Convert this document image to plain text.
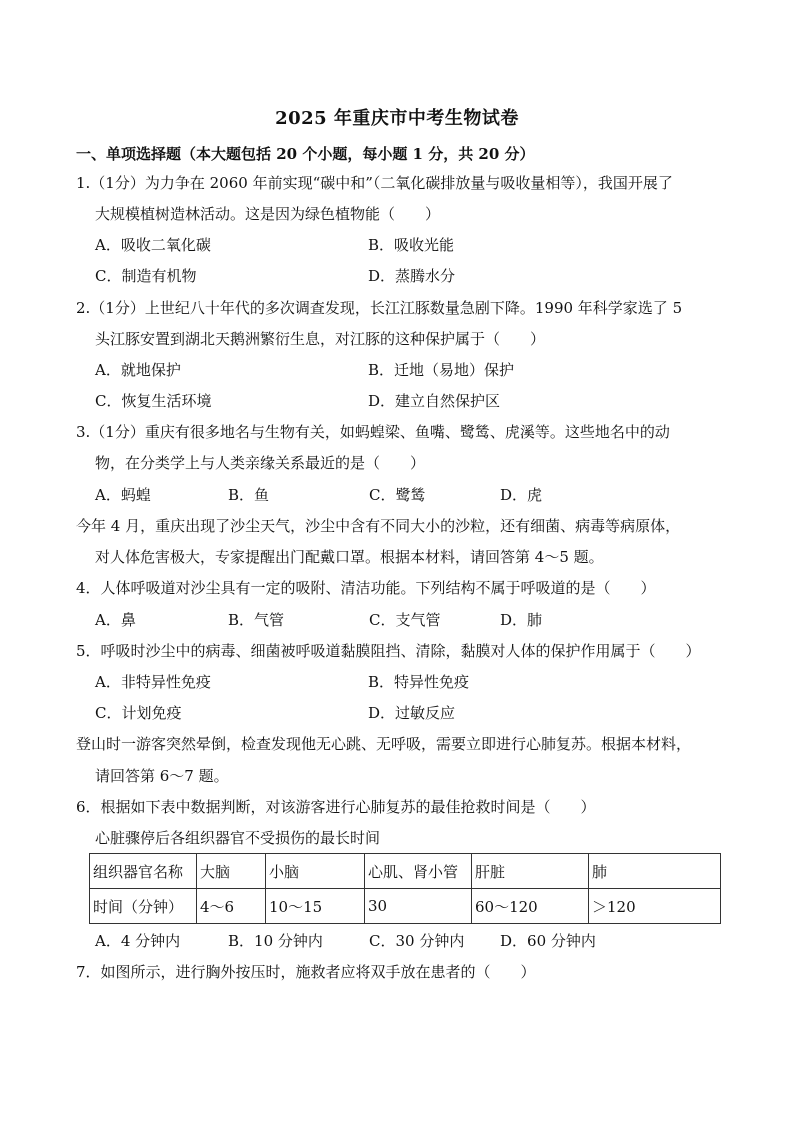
2025 年重庆市中考生物试卷
一、单项选择题（本大题包括 20 个小题，每小题 1 分，共 20 分）
1.（1分）为力争在 2060 年前实现“碳中和”（二氧化碳排放量与吸收量相等），我国开展了
大规模植树造林活动。这是因为绿色植物能（　　）
A．吸收二氧化碳	B．吸收光能
C．制造有机物	D．蒸腾水分
2.（1分）上世纪八十年代的多次调查发现，长江江豚数量急剧下降。1990 年科学家选了 5
头江豚安置到湖北天鹅洲繁衍生息，对江豚的这种保护属于（　　）
A．就地保护	B．迁地（易地）保护
C．恢复生活环境	D．建立自然保护区
3.（1分）重庆有很多地名与生物有关，如蚂蝗梁、鱼嘴、鹭鸶、虎溪等。这些地名中的动
物，在分类学上与人类亲缘关系最近的是（　　）
A．蚂蝗	B．鱼	C．鹭鸶	D．虎
今年 4 月，重庆出现了沙尘天气，沙尘中含有不同大小的沙粒，还有细菌、病毒等病原体，
对人体危害极大，专家提醒出门配戴口罩。根据本材料，请回答第 4～5 题。
4．人体呼吸道对沙尘具有一定的吸附、清洁功能。下列结构不属于呼吸道的是（　　）
A．鼻	B．气管	C．支气管	D．肺
5．呼吸时沙尘中的病毒、细菌被呼吸道黏膜阻挡、清除，黏膜对人体的保护作用属于（　　）
A．非特异性免疫	B．特异性免疫
C．计划免疫	D．过敏反应
登山时一游客突然晕倒，检查发现他无心跳、无呼吸，需要立即进行心肺复苏。根据本材料，
请回答第 6～7 题。
6．根据如下表中数据判断，对该游客进行心肺复苏的最佳抢救时间是（　　）
心脏骤停后各组织器官不受损伤的最长时间
组织器官名称	大脑	小脑	心肌、肾小管	肝脏	肺
时间（分钟）	4～6	10～15	30	60～120	＞120
A．4 分钟内	B．10 分钟内	C．30 分钟内 D．60 分钟内
7．如图所示，进行胸外按压时，施救者应将双手放在患者的（　　）
